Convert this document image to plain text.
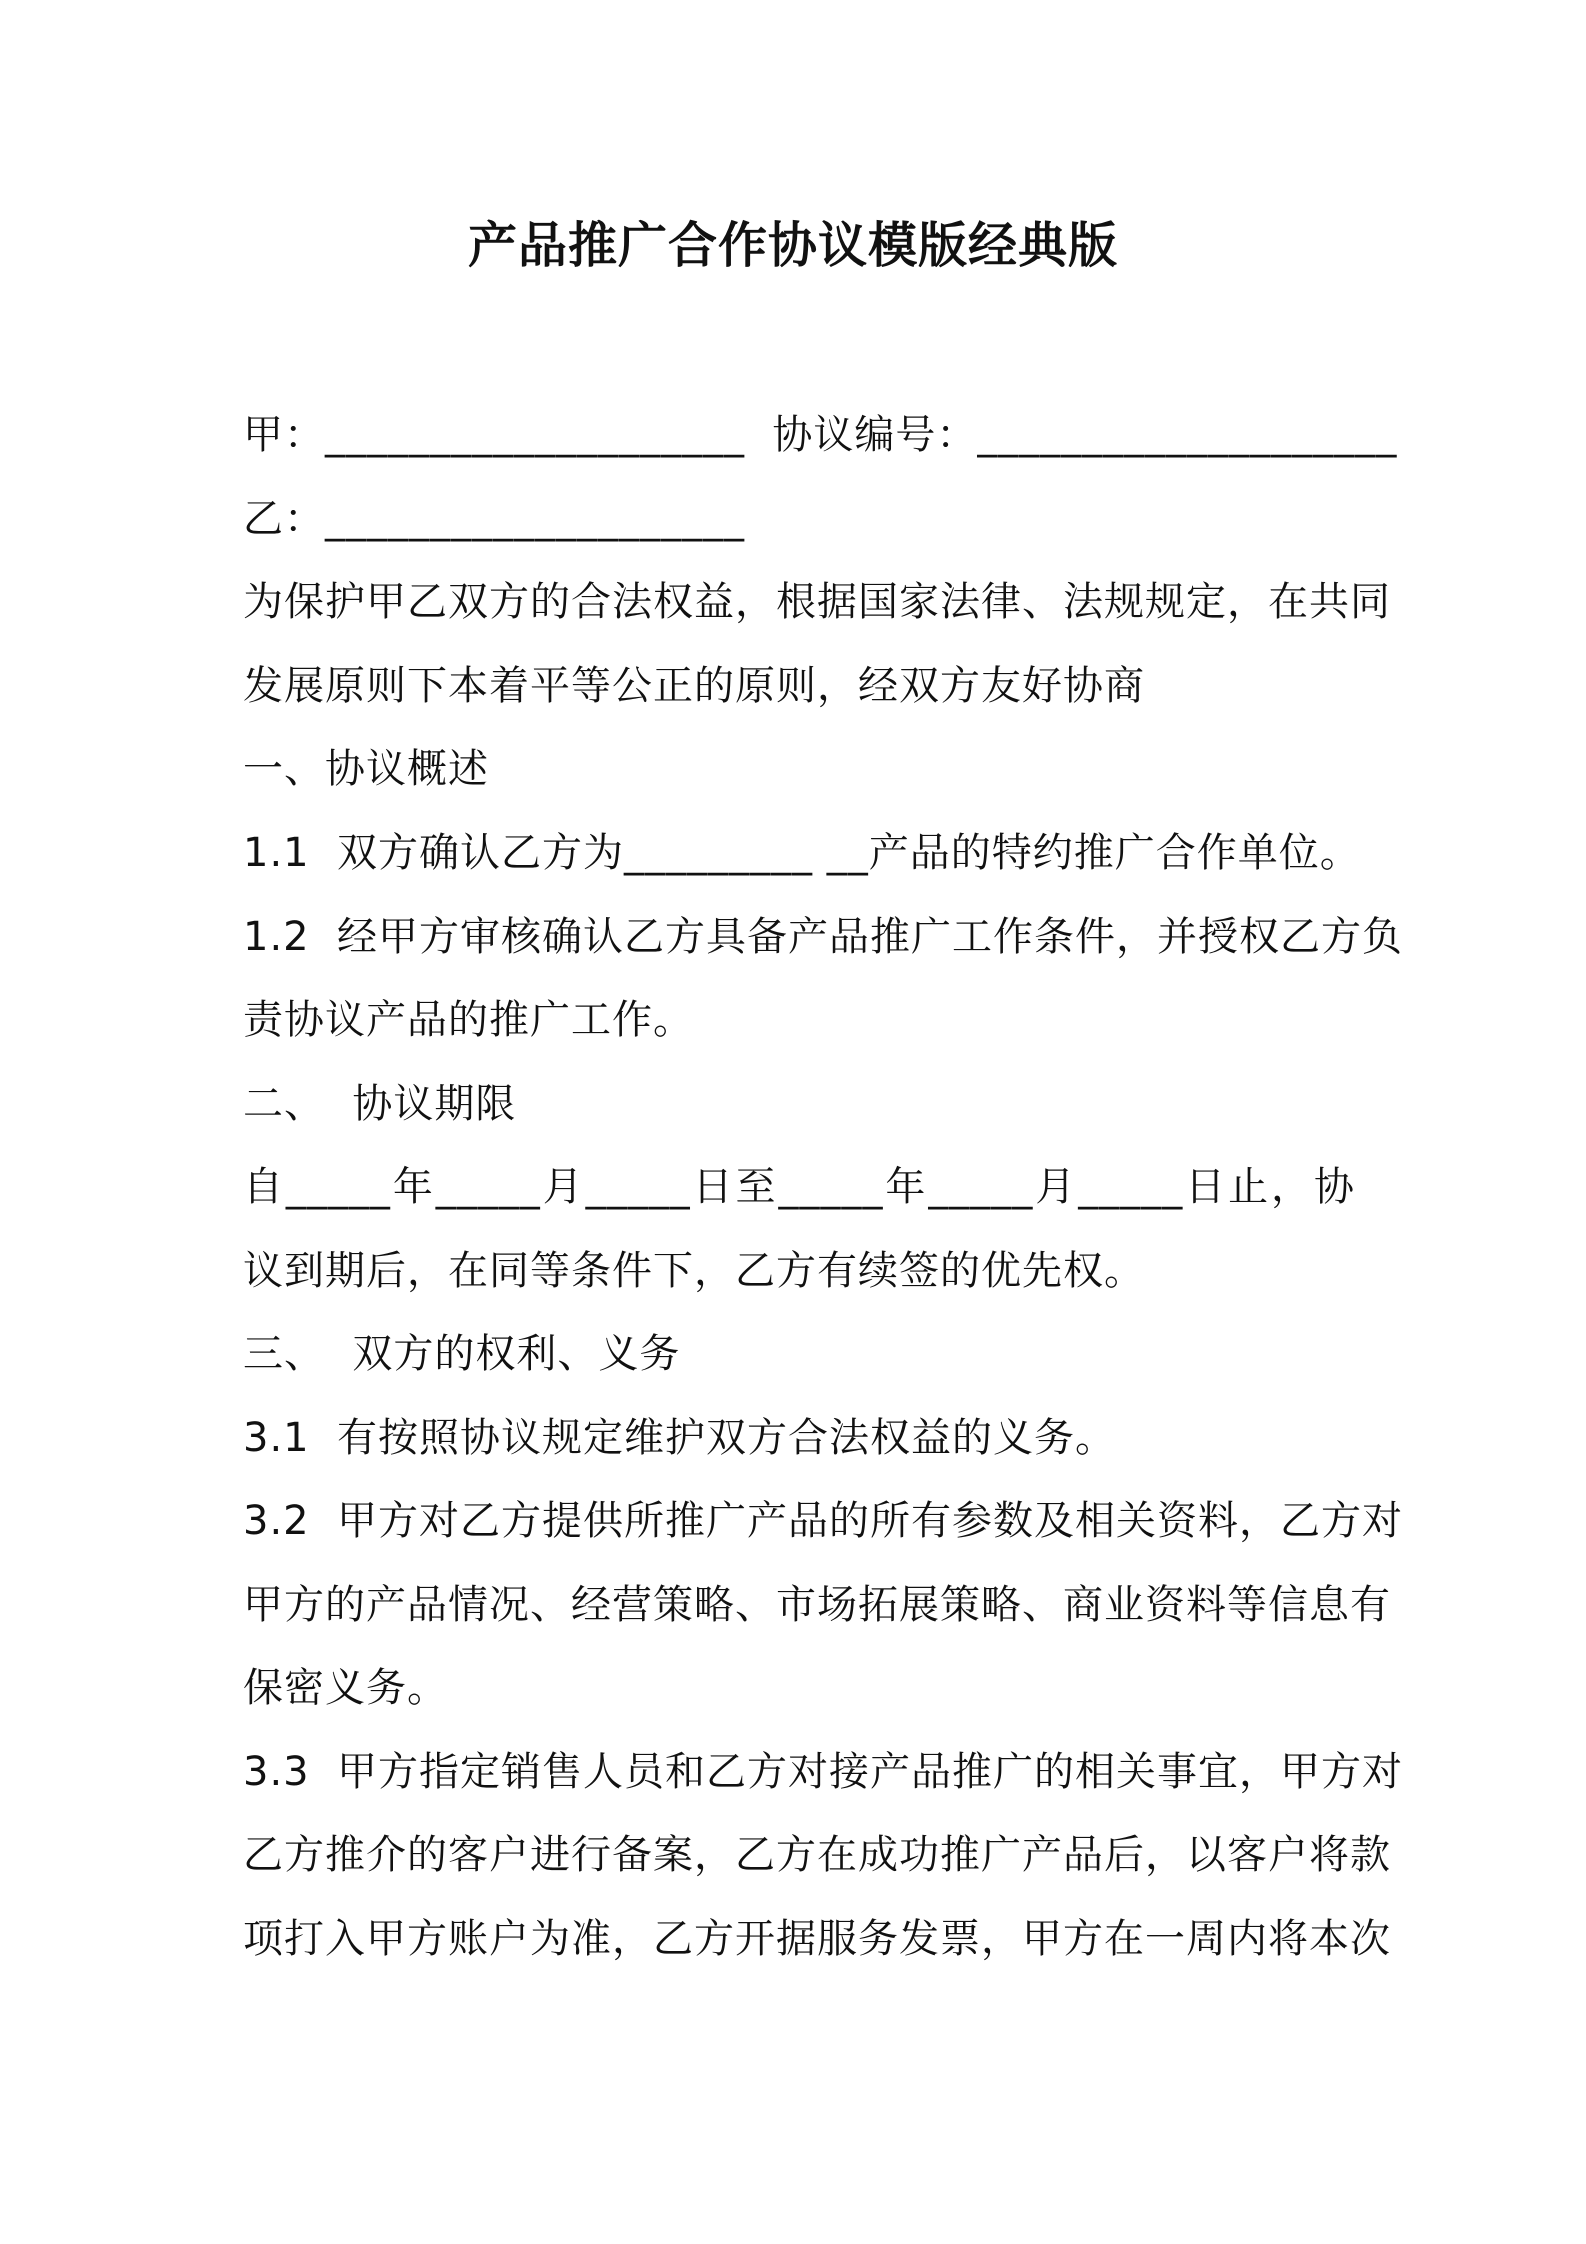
产品推广合作协议模版经典版
甲：____________________  协议编号：____________________
乙：____________________
为保护甲乙双方的合法权益，根据国家法律、法规规定，在共同
发展原则下本着平等公正的原则，经双方友好协商
一、协议概述
1.1  双方确认乙方为_________ __产品的特约推广合作单位。
1.2  经甲方审核确认乙方具备产品推广工作条件，并授权乙方负
责协议产品的推广工作。
二、  协议期限
自_____年_____月_____日至_____年_____月_____日止，协
议到期后，在同等条件下，乙方有续签的优先权。
三、  双方的权利、义务
3.1  有按照协议规定维护双方合法权益的义务。
3.2  甲方对乙方提供所推广产品的所有参数及相关资料，乙方对
甲方的产品情况、经营策略、市场拓展策略、商业资料等信息有
保密义务。
3.3  甲方指定销售人员和乙方对接产品推广的相关事宜，甲方对
乙方推介的客户进行备案，乙方在成功推广产品后，以客户将款
项打入甲方账户为准，乙方开据服务发票，甲方在一周内将本次
